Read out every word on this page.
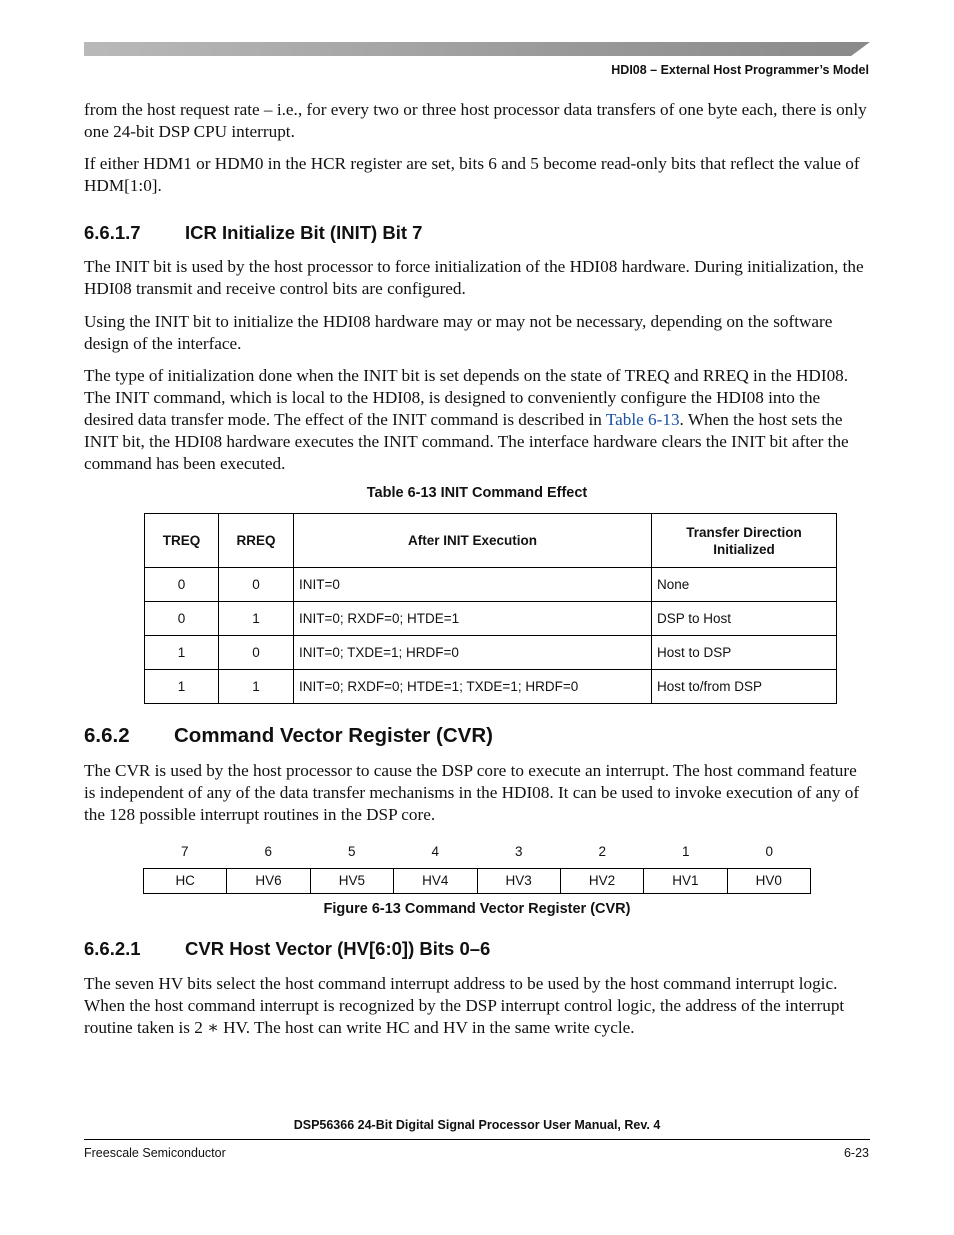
HDI08 – External Host Programmer’s Model

from the host request rate – i.e., for every two or three host processor data transfers of one byte each, there is only one 24-bit DSP CPU interrupt.

If either HDM1 or HDM0 in the HCR register are set, bits 6 and 5 become read-only bits that reflect the value of HDM[1:0].

6.6.1.7 ICR Initialize Bit (INIT) Bit 7

The INIT bit is used by the host processor to force initialization of the HDI08 hardware. During initialization, the HDI08 transmit and receive control bits are configured.

Using the INIT bit to initialize the HDI08 hardware may or may not be necessary, depending on the software design of the interface.

The type of initialization done when the INIT bit is set depends on the state of TREQ and RREQ in the HDI08. The INIT command, which is local to the HDI08, is designed to conveniently configure the HDI08 into the desired data transfer mode. The effect of the INIT command is described in Table 6-13. When the host sets the INIT bit, the HDI08 hardware executes the INIT command. The interface hardware clears the INIT bit after the command has been executed.

Table 6-13 INIT Command Effect
TREQ	RREQ	After INIT Execution	Transfer Direction Initialized
0	0	INIT=0	None
0	1	INIT=0; RXDF=0; HTDE=1	DSP to Host
1	0	INIT=0; TXDE=1; HRDF=0	Host to DSP
1	1	INIT=0; RXDF=0; HTDE=1; TXDE=1; HRDF=0	Host to/from DSP
6.6.2 Command Vector Register (CVR)

The CVR is used by the host processor to cause the DSP core to execute an interrupt. The host command feature is independent of any of the data transfer mechanisms in the HDI08. It can be used to invoke execution of any of the 128 possible interrupt routines in the DSP core.

7	6	5	4	3	2	1	0
HC	HV6	HV5	HV4	HV3	HV2	HV1	HV0
Figure 6-13 Command Vector Register (CVR)
6.6.2.1 CVR Host Vector (HV[6:0]) Bits 0–6

The seven HV bits select the host command interrupt address to be used by the host command interrupt logic. When the host command interrupt is recognized by the DSP interrupt control logic, the address of the interrupt routine taken is 2 ∗ HV. The host can write HC and HV in the same write cycle.

DSP56366 24-Bit Digital Signal Processor User Manual, Rev. 4
Freescale Semiconductor	6-23
